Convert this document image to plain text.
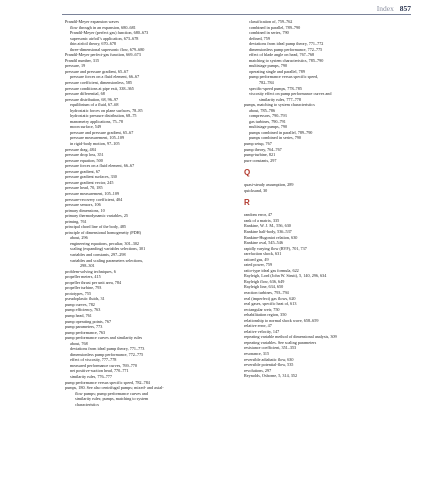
Index 857
Prandtl-Meyer expansion waves
flow through in an expansion, 680–681
Prandtl-Meyer (perfect gas) function, 680–673
supersonic airfoil’s application, 673–678
thin airfoil theory, 670–678
three-dimensional supersonic flow, 679–680
Prandtl-Meyer perfect-gas function, 669–673
Prandtl number, 315
pressure, 19
pressure and pressure gradient, 65–67
pressure forces on a fluid element, 66–67
pressure coefficient, dimensionless, 585
pressure conditions at pipe exit, 338–365
pressure differential, 68
pressure distribution, 68, 96–97
equilibrium of a fluid, 67–68
hydrostatic forces on plane surfaces, 78–85
hydrostatic pressure distribution, 68–75
manometry applications, 75–78
moon surface, 549
pressure and pressure gradient, 65–67
pressure measurement, 105–109
in rigid-body motion, 97–105
pressure drag, 484
pressure drop loss, 351
pressure equation, 500
pressure forces on a fluid element, 66–67
pressure gradient, 67
pressure gradient surfaces, 330
pressure gradient vector, 245
pressure head, 70, 185
pressure measurement, 105–109
pressure-recovery coefficient, 404
pressure sensors, 106
primary dimensions, 10
primary thermodynamic variables, 25
priming, 761
principal chord line of the body, 485
principle of dimensional homogeneity (PDH)
about, 296
engineering equations, peculiar, 301–302
scaling (expanding) variables selections, 301
variables and constants, 297–298
variables and scaling parameters selections,
298–301
problem-solving techniques, 6
propeller meters, 415
propeller thrust per unit area, 784
propeller turbine, 793
prototypes, 755
pseudoplastic fluids, 31
pump curves, 782
pump efficiency, 763
pump head, 761
pump operating points, 767
pump parameters, 773
pump performance, 763
pump performance curves and similarity rules
about, 768
deviations from ideal pump theory, 771–773
dimensionless pump performance, 772–775
effect of viscosity, 777–778
measured performance curves, 769–770
net positive-suction head, 770–771
similarity rules, 776–777
pump performance versus specific speed, 782–784
pumps, 180. See also centrifugal pumps; mixed- and axial-
flow pumps; pump performance curves and
similarity rules; pumps, matching to system
characteristics
classification of, 759–762
combined in parallel, 789–790
combined in series, 790
defined, 759
deviations from ideal pump theory, 771–772
dimensionless pump performance, 772–775
effect of blade angle on head, 767–768
matching to system characteristics, 785–790
multistage pumps, 790
operating single and parallel, 789
pump performance versus specific speed,
782–784
specific-speed pumps, 778–785
viscosity effect on pump performance curves and
similarity rules, 777–778
pumps, matching to system characteristics
about, 785–786
compressors, 790–793
gas turbines, 790–791
multistage pumps, 790
pumps combined in parallel, 789–790
pumps combined in series, 790
pump setup, 767
pump theory, 764–767
pump-turbine, 821
pure constants, 297
Q
quasi-steady assumption, 289
quicksand, 30
R
random error, 47
rank of a matrix, 335
Rankine, W. J. M., 556, 630
Rankine half-body, 536–537
Rankine-Hugoniot relation, 630
Rankine oval, 545–546
rapidly varying flow (RVF), 701, 737
rarefaction shock, 631
ratioed gas, 49
rated power, 759
ratio-type ideal gas formula, 622
Rayleigh, Lord (John W. Strutt), 5, 140, 296, 634
Rayleigh flow, 636, 649
Rayleigh line, 634, 650
reaction turbines, 793–794
real (imperfect) gas flows, 620
real gases, specific heat of, 613
rectangular weir, 750
rehabilitation region, 350
relationship to normal shock wave, 658–659
relative error, 47
relative velocity, 147
repeating variable method of dimensional analysis, 309
repeating variables. See scaling parameters
resistance coefficient, 351–353
resonance, 315
reversible adiabatic flow, 630
reversible potential-flow, 535
revolutions, 297
Reynolds, Osborne, 5, 314, 352
